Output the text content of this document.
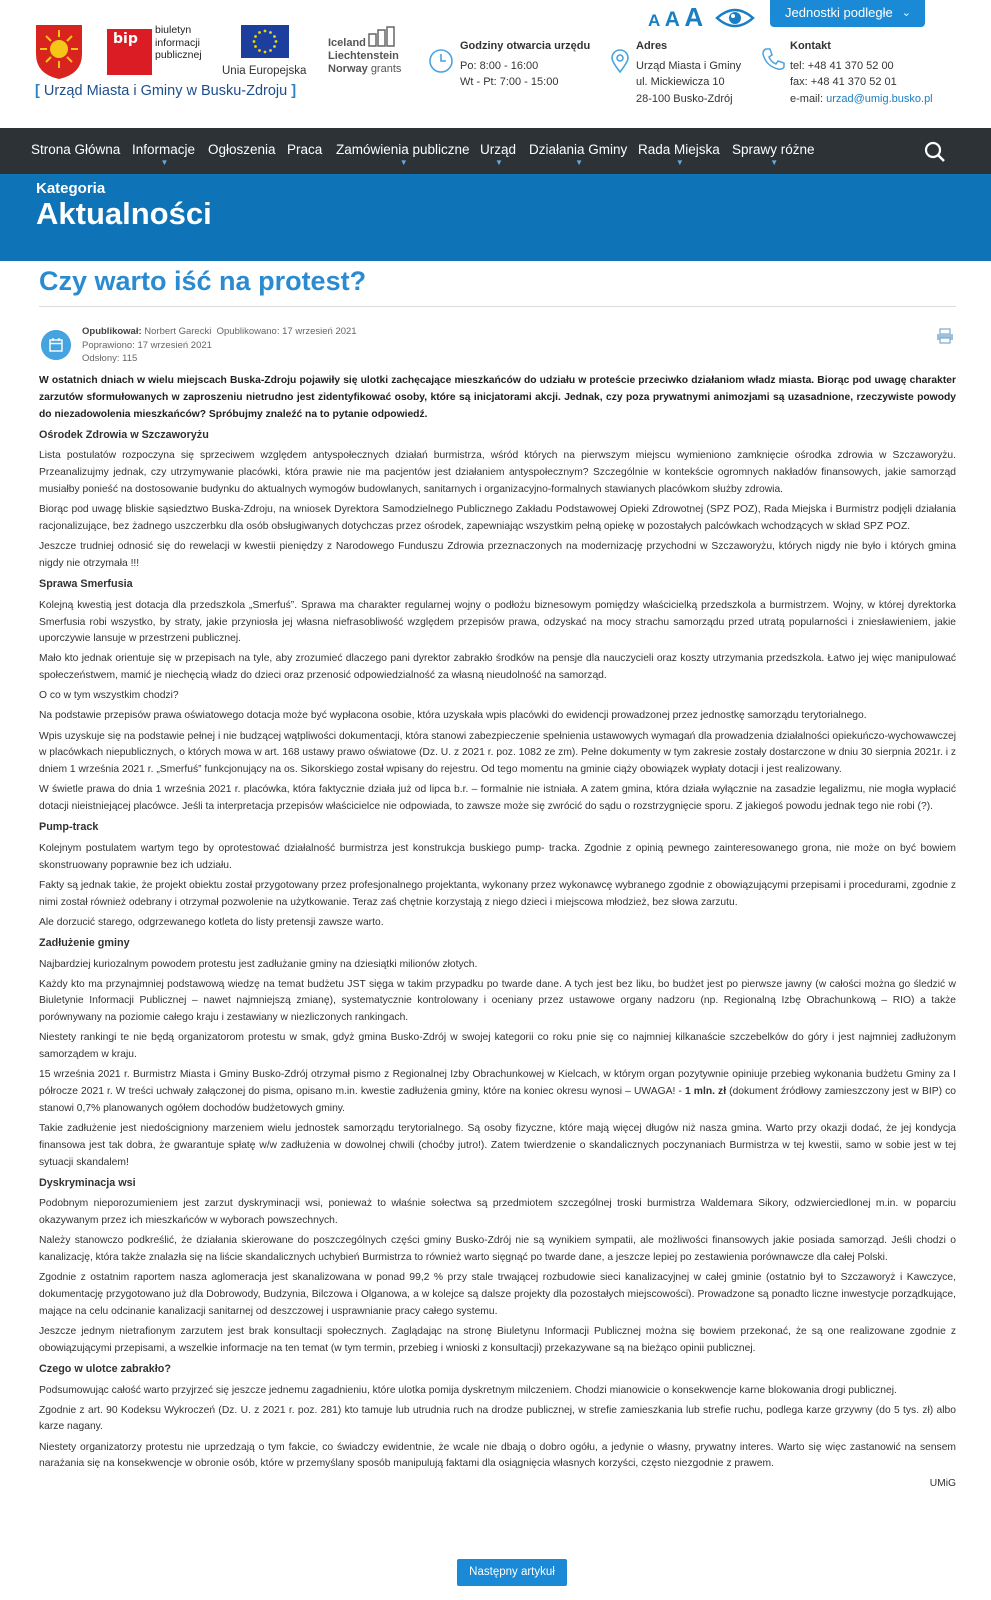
bip
biuletyn
informacji
publicznej
Unia Europejska
Iceland
Liechtenstein
Norway grants
[ Urząd Miasta i Gminy w Busku-Zdroju ]
Godziny otwarcia urzędu
Po: 8:00 - 16:00
Wt - Pt: 7:00 - 15:00
Adres
Urząd Miasta i Gminy
ul. Mickiewicza 10
28-100 Busko-Zdrój
Kontakt
tel: +48 41 370 52 00
fax: +48 41 370 52 01
e-mail: urzad@umig.busko.pl
A A A	Jednostki podległe ⌄
Strona Główna Informacje
▼
Ogłoszenia Praca Zamówienia publiczne
▼
Urząd
▼
Działania Gminy
▼
Rada Miejska
▼
Sprawy różne
▼
Kategoria
Aktualności
Czy warto iść na protest?
Opublikował: Norbert Garecki Opublikowano: 17 wrzesień 2021
Poprawiono: 17 wrzesień 2021
Odsłony: 115

W ostatnich dniach w wielu miejscach Buska-Zdroju pojawiły się ulotki zachęcające mieszkańców do udziału w proteście przeciwko działaniom władz miasta. Biorąc pod uwagę charakter zarzutów sformułowanych w zaproszeniu nietrudno jest zidentyfikować osoby, które są inicjatorami akcji. Jednak, czy poza prywatnymi animozjami są uzasadnione, rzeczywiste powody do niezadowolenia mieszkańców? Spróbujmy znaleźć na to pytanie odpowiedź.

Ośrodek Zdrowia w Szczaworyżu

Lista postulatów rozpoczyna się sprzeciwem względem antyspołecznych działań burmistrza, wśród których na pierwszym miejscu wymieniono zamknięcie ośrodka zdrowia w Szczaworyżu. Przeanalizujmy jednak, czy utrzymywanie placówki, która prawie nie ma pacjentów jest działaniem antyspołecznym? Szczególnie w kontekście ogromnych nakładów finansowych, jakie samorząd musiałby ponieść na dostosowanie budynku do aktualnych wymogów budowlanych, sanitarnych i organizacyjno-formalnych stawianych placówkom służby zdrowia.

Biorąc pod uwagę bliskie sąsiedztwo Buska-Zdroju, na wniosek Dyrektora Samodzielnego Publicznego Zakładu Podstawowej Opieki Zdrowotnej (SPZ POZ), Rada Miejska i Burmistrz podjęli działania racjonalizujące, bez żadnego uszczerbku dla osób obsługiwanych dotychczas przez ośrodek, zapewniając wszystkim pełną opiekę w pozostałych palcówkach wchodzących w skład SPZ POZ.

Jeszcze trudniej odnosić się do rewelacji w kwestii pieniędzy z Narodowego Funduszu Zdrowia przeznaczonych na modernizację przychodni w Szczaworyżu, których nigdy nie było i których gmina nigdy nie otrzymała !!!

Sprawa Smerfusia

Kolejną kwestią jest dotacja dla przedszkola „Smerfuś”. Sprawa ma charakter regularnej wojny o podłożu biznesowym pomiędzy właścicielką przedszkola a burmistrzem. Wojny, w której dyrektorka Smerfusia robi wszystko, by straty, jakie przyniosła jej własna niefrasobliwość względem przepisów prawa, odzyskać na mocy strachu samorządu przed utratą popularności i zniesławieniem, jakie uporczywie lansuje w przestrzeni publicznej.

Mało kto jednak orientuje się w przepisach na tyle, aby zrozumieć dlaczego pani dyrektor zabrakło środków na pensje dla nauczycieli oraz koszty utrzymania przedszkola. Łatwo jej więc manipulować społeczeństwem, mamić je niechęcią władz do dzieci oraz przenosić odpowiedzialność za własną nieudolność na samorząd.

O co w tym wszystkim chodzi?

Na podstawie przepisów prawa oświatowego dotacja może być wypłacona osobie, która uzyskała wpis placówki do ewidencji prowadzonej przez jednostkę samorządu terytorialnego.

Wpis uzyskuje się na podstawie pełnej i nie budzącej wątpliwości dokumentacji, która stanowi zabezpieczenie spełnienia ustawowych wymagań dla prowadzenia działalności opiekuńczo-wychowawczej w placówkach niepublicznych, o których mowa w art. 168 ustawy prawo oświatowe (Dz. U. z 2021 r. poz. 1082 ze zm). Pełne dokumenty w tym zakresie zostały dostarczone w dniu 30 sierpnia 2021r. i z dniem 1 września 2021 r. „Smerfuś” funkcjonujący na os. Sikorskiego został wpisany do rejestru. Od tego momentu na gminie ciąży obowiązek wypłaty dotacji i jest realizowany.

W świetle prawa do dnia 1 września 2021 r. placówka, która faktycznie działa już od lipca b.r. – formalnie nie istniała. A zatem gmina, która działa wyłącznie na zasadzie legalizmu, nie mogła wypłacić dotacji nieistniejącej placówce. Jeśli ta interpretacja przepisów właścicielce nie odpowiada, to zawsze może się zwrócić do sądu o rozstrzygnięcie sporu. Z jakiegoś powodu jednak tego nie robi (?).

Pump-track

Kolejnym postulatem wartym tego by oprotestować działalność burmistrza jest konstrukcja buskiego pump- tracka. Zgodnie z opinią pewnego zainteresowanego grona, nie może on być bowiem skonstruowany poprawnie bez ich udziału.

Fakty są jednak takie, że projekt obiektu został przygotowany przez profesjonalnego projektanta, wykonany przez wykonawcę wybranego zgodnie z obowiązującymi przepisami i procedurami, zgodnie z nimi został również odebrany i otrzymał pozwolenie na użytkowanie. Teraz zaś chętnie korzystają z niego dzieci i miejscowa młodzież, bez słowa zarzutu.

Ale dorzucić starego, odgrzewanego kotleta do listy pretensji zawsze warto.

Zadłużenie gminy

Najbardziej kuriozalnym powodem protestu jest zadłużanie gminy na dziesiątki milionów złotych.

Każdy kto ma przynajmniej podstawową wiedzę na temat budżetu JST sięga w takim przypadku po twarde dane. A tych jest bez liku, bo budżet jest po pierwsze jawny (w całości można go śledzić w Biuletynie Informacji Publicznej – nawet najmniejszą zmianę), systematycznie kontrolowany i oceniany przez ustawowe organy nadzoru (np. Regionalną Izbę Obrachunkową – RIO) a także porównywany na poziomie całego kraju i zestawiany w niezliczonych rankingach.

Niestety rankingi te nie będą organizatorom protestu w smak, gdyż gmina Busko-Zdrój w swojej kategorii co roku pnie się co najmniej kilkanaście szczebelków do góry i jest najmniej zadłużonym samorządem w kraju.

15 września 2021 r. Burmistrz Miasta i Gminy Busko-Zdrój otrzymał pismo z Regionalnej Izby Obrachunkowej w Kielcach, w którym organ pozytywnie opiniuje przebieg wykonania budżetu Gminy za I półrocze 2021 r. W treści uchwały załączonej do pisma, opisano m.in. kwestie zadłużenia gminy, które na koniec okresu wynosi – UWAGA! - 1 mln. zł (dokument źródłowy zamieszczony jest w BIP) co stanowi 0,7% planowanych ogółem dochodów budżetowych gminy.

Takie zadłużenie jest niedościgniony marzeniem wielu jednostek samorządu terytorialnego. Są osoby fizyczne, które mają więcej długów niż nasza gmina. Warto przy okazji dodać, że jej kondycja finansowa jest tak dobra, że gwarantuje spłatę w/w zadłużenia w dowolnej chwili (choćby jutro!). Zatem twierdzenie o skandalicznych poczynaniach Burmistrza w tej kwestii, samo w sobie jest w tej sytuacji skandalem!

Dyskryminacja wsi

Podobnym nieporozumieniem jest zarzut dyskryminacji wsi, ponieważ to właśnie sołectwa są przedmiotem szczególnej troski burmistrza Waldemara Sikory, odzwierciedlonej m.in. w poparciu okazywanym przez ich mieszkańców w wyborach powszechnych.

Należy stanowczo podkreślić, że działania skierowane do poszczególnych części gminy Busko-Zdrój nie są wynikiem sympatii, ale możliwości finansowych jakie posiada samorząd. Jeśli chodzi o kanalizację, która także znalazła się na liście skandalicznych uchybień Burmistrza to również warto sięgnąć po twarde dane, a jeszcze lepiej po zestawienia porównawcze dla całej Polski.

Zgodnie z ostatnim raportem nasza aglomeracja jest skanalizowana w ponad 99,2 % przy stale trwającej rozbudowie sieci kanalizacyjnej w całej gminie (ostatnio był to Szczaworyż i Kawczyce, dokumentację przygotowano już dla Dobrowody, Budzynia, Bilczowa i Olganowa, a w kolejce są dalsze projekty dla pozostałych miejscowości). Prowadzone są ponadto liczne inwestycje porządkujące, mające na celu odcinanie kanalizacji sanitarnej od deszczowej i usprawnianie pracy całego systemu.

Jeszcze jednym nietrafionym zarzutem jest brak konsultacji społecznych. Zaglądając na stronę Biuletynu Informacji Publicznej można się bowiem przekonać, że są one realizowane zgodnie z obowiązującymi przepisami, a wszelkie informacje na ten temat (w tym termin, przebieg i wnioski z konsultacji) przekazywane są na bieżąco opinii publicznej.

Czego w ulotce zabrakło?

Podsumowując całość warto przyjrzeć się jeszcze jednemu zagadnieniu, które ulotka pomija dyskretnym milczeniem. Chodzi mianowicie o konsekwencje karne blokowania drogi publicznej.

Zgodnie z art. 90 Kodeksu Wykroczeń (Dz. U. z 2021 r. poz. 281) kto tamuje lub utrudnia ruch na drodze publicznej, w strefie zamieszkania lub strefie ruchu, podlega karze grzywny (do 5 tys. zł) albo karze nagany.

Niestety organizatorzy protestu nie uprzedzają o tym fakcie, co świadczy ewidentnie, że wcale nie dbają o dobro ogółu, a jedynie o własny, prywatny interes. Warto się więc zastanowić na sensem narażania się na konsekwencje w obronie osób, które w przemyślany sposób manipulują faktami dla osiągnięcia własnych korzyści, często niezgodnie z prawem.

UMiG

Następny artykuł
